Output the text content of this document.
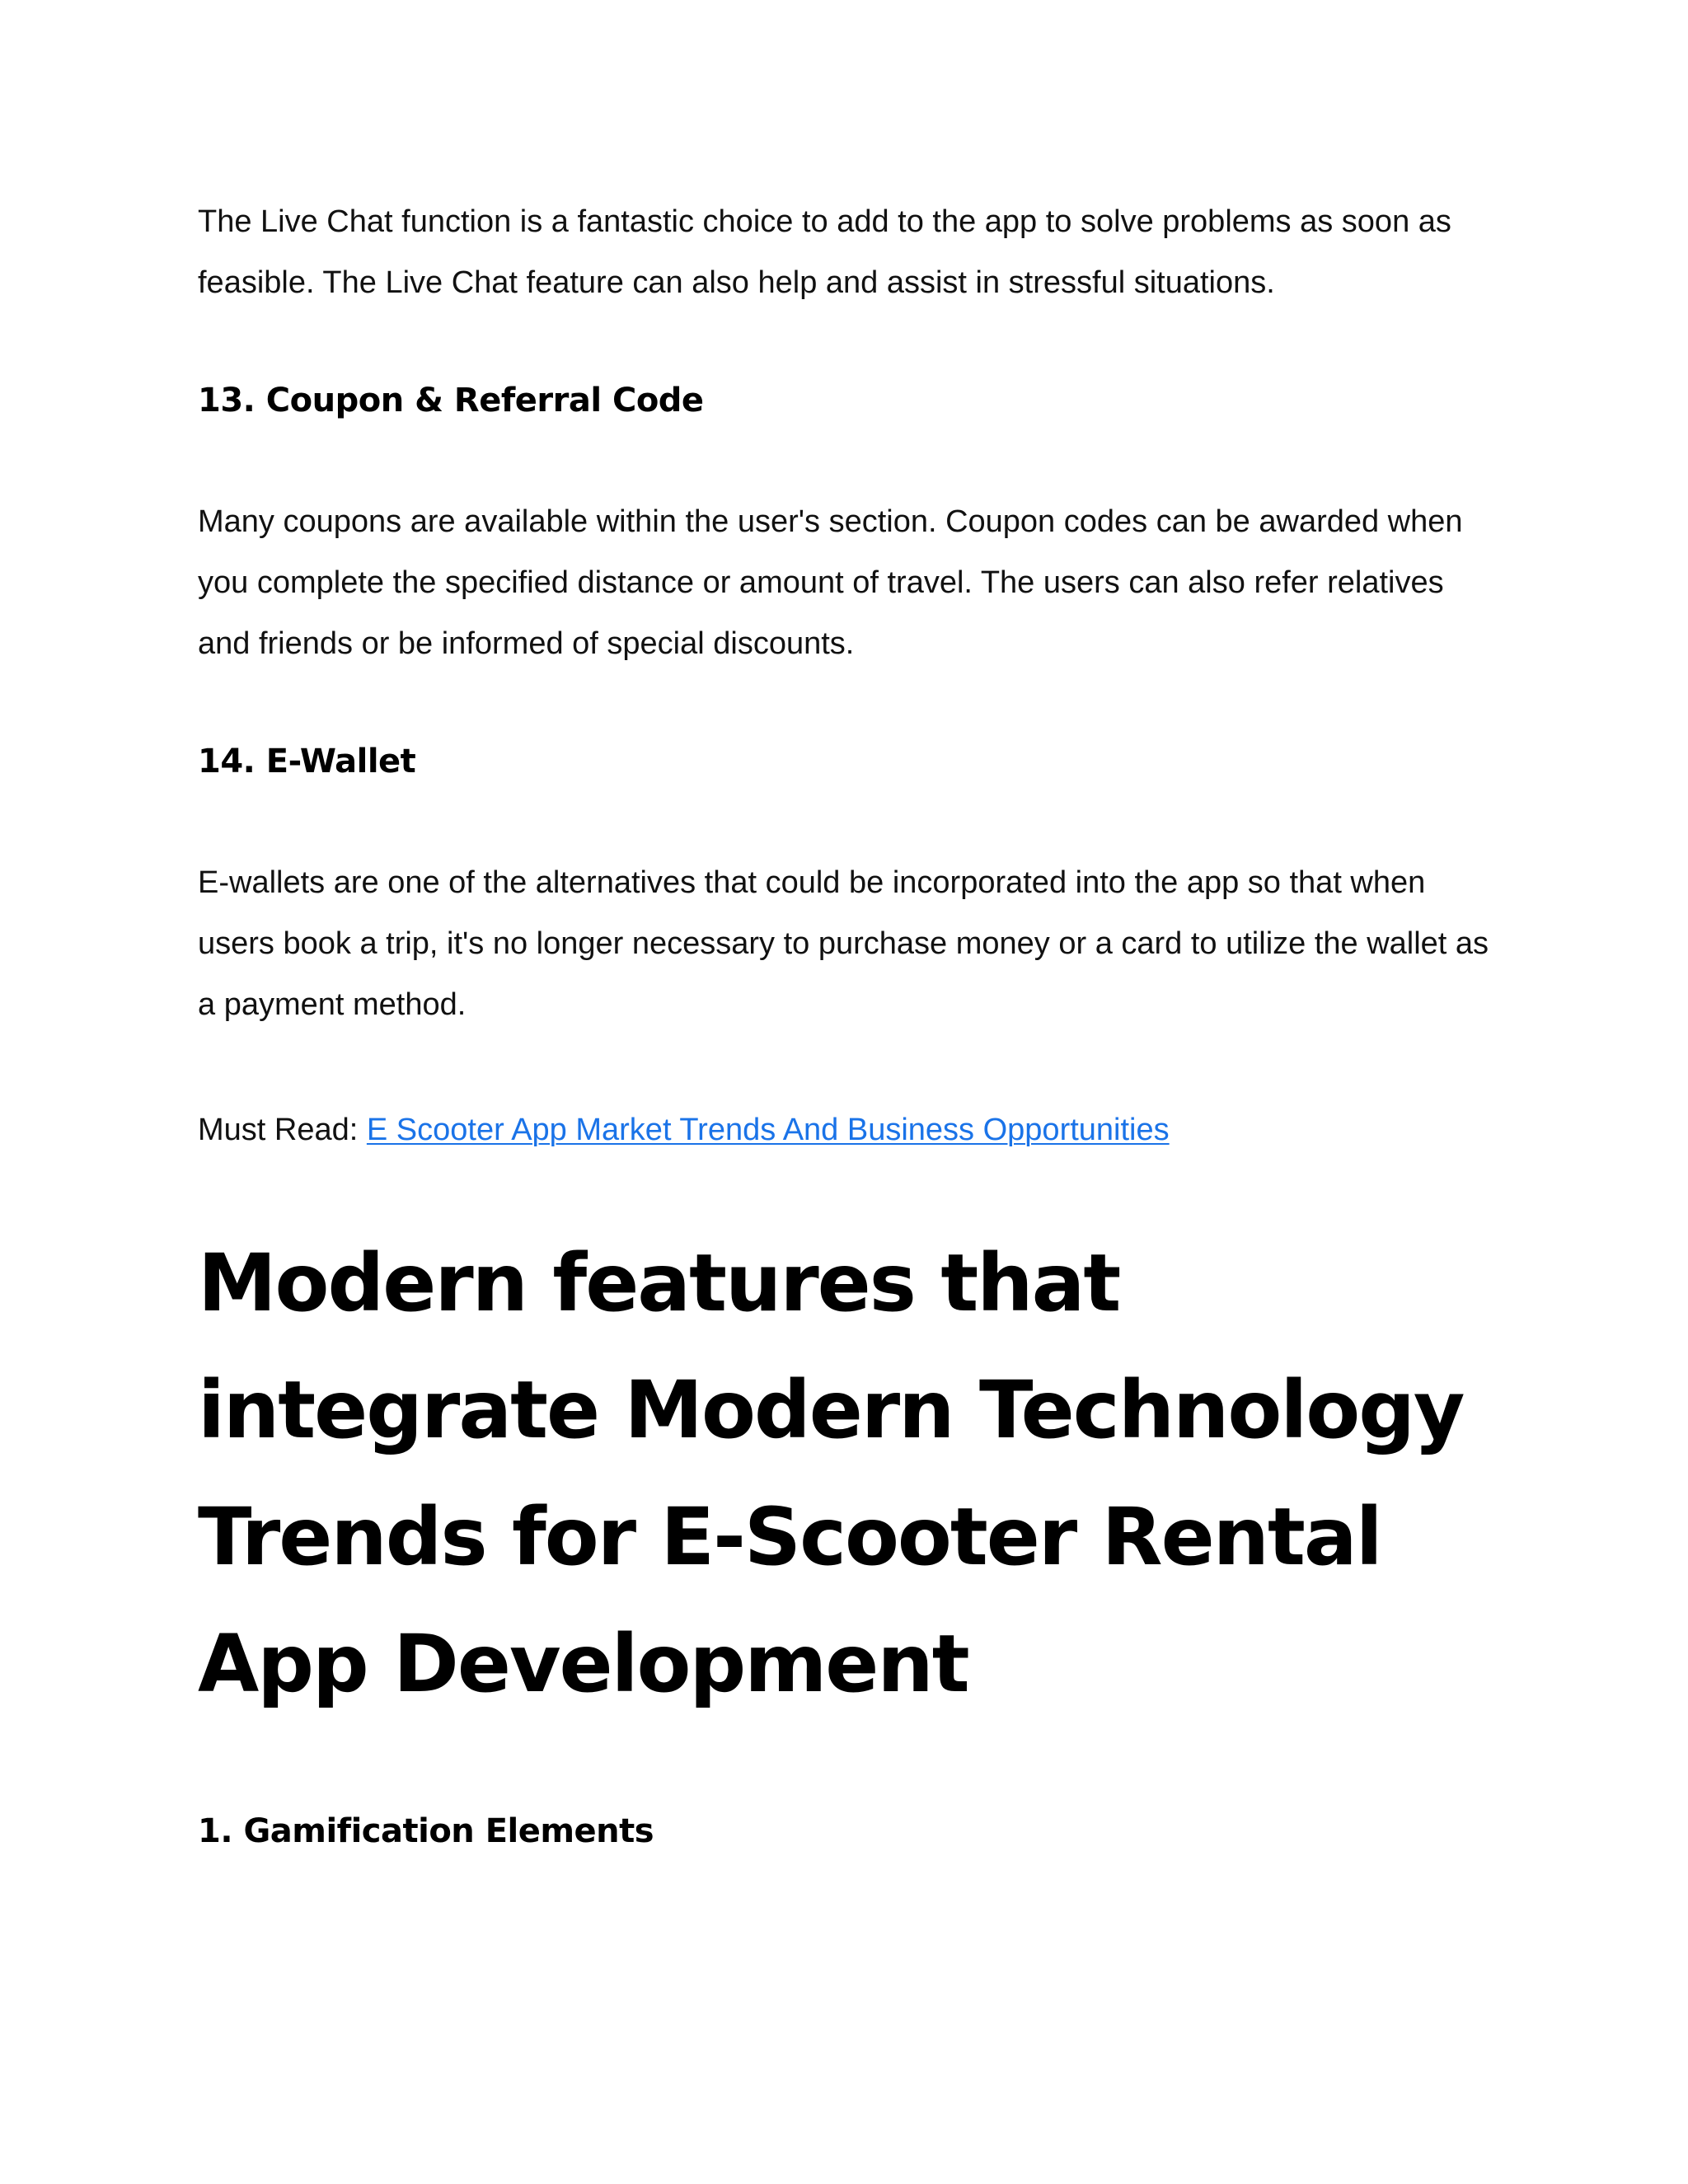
The Live Chat function is a fantastic choice to add to the app to solve problems as soon as feasible. The Live Chat feature can also help and assist in stressful situations.

13. Coupon & Referral Code

Many coupons are available within the user's section. Coupon codes can be awarded when you complete the specified distance or amount of travel. The users can also refer relatives and friends or be informed of special discounts.

14. E-Wallet

E-wallets are one of the alternatives that could be incorporated into the app so that when users book a trip, it's no longer necessary to purchase money or a card to utilize the wallet as a payment method.

Must Read: E Scooter App Market Trends And Business Opportunities

Modern features that integrate Modern Technology Trends for E-Scooter Rental App Development
1. Gamification Elements
